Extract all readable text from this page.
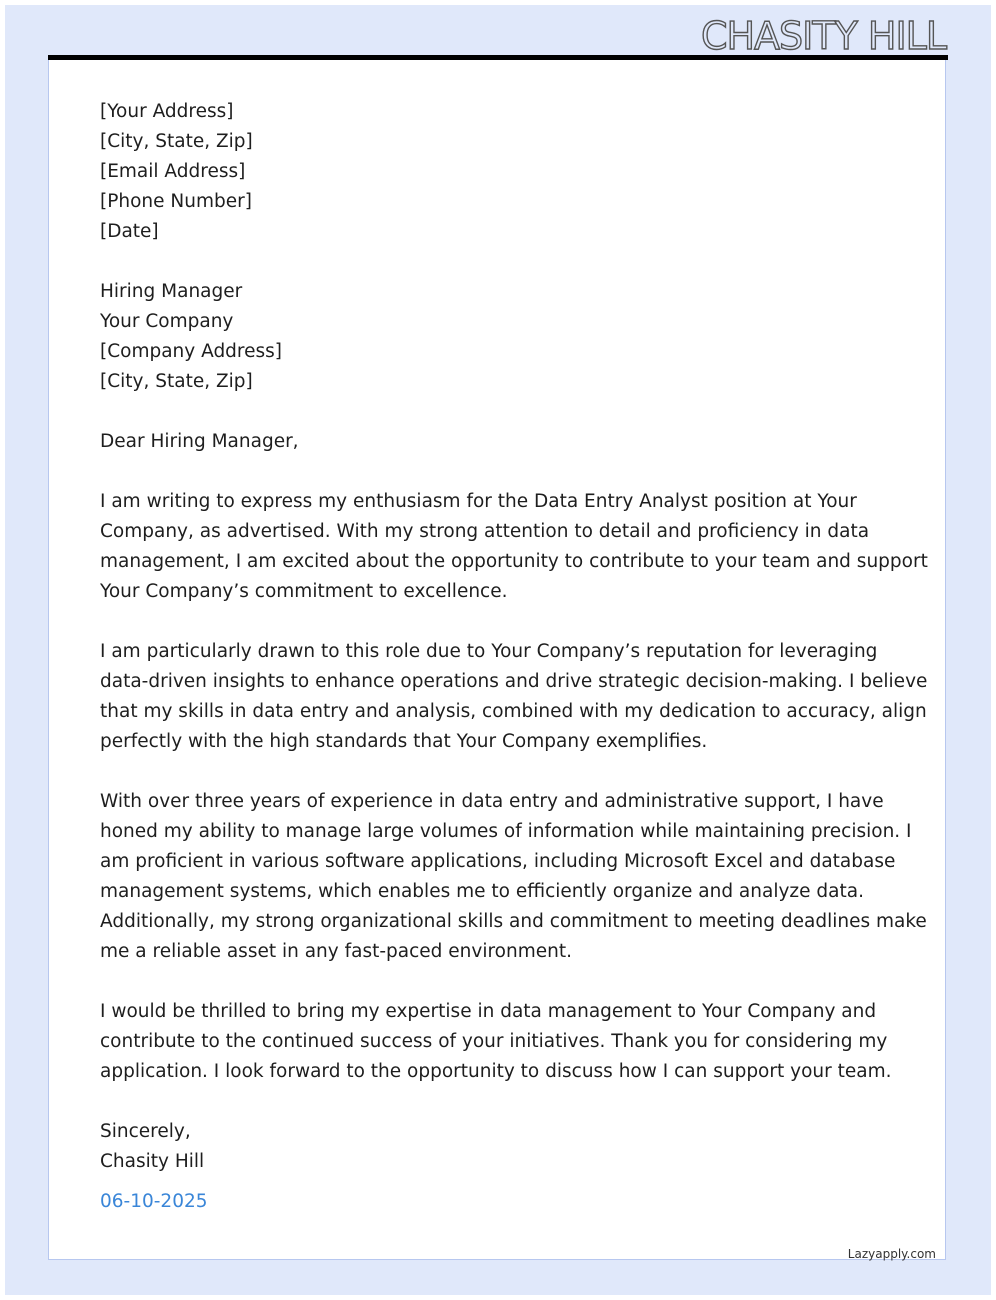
CHASITY HILL
[Your Address]
[City, State, Zip]
[Email Address]
[Phone Number]
[Date]
Hiring Manager
Your Company
[Company Address]
[City, State, Zip]
Dear Hiring Manager,
I am writing to express my enthusiasm for the Data Entry Analyst position at Your
Company, as advertised. With my strong attention to detail and proficiency in data
management, I am excited about the opportunity to contribute to your team and support
Your Company’s commitment to excellence.
I am particularly drawn to this role due to Your Company’s reputation for leveraging
data-driven insights to enhance operations and drive strategic decision-making. I believe
that my skills in data entry and analysis, combined with my dedication to accuracy, align
perfectly with the high standards that Your Company exemplifies.
With over three years of experience in data entry and administrative support, I have
honed my ability to manage large volumes of information while maintaining precision. I
am proficient in various software applications, including Microsoft Excel and database
management systems, which enables me to efficiently organize and analyze data.
Additionally, my strong organizational skills and commitment to meeting deadlines make
me a reliable asset in any fast-paced environment.
I would be thrilled to bring my expertise in data management to Your Company and
contribute to the continued success of your initiatives. Thank you for considering my
application. I look forward to the opportunity to discuss how I can support your team.
Sincerely,
Chasity Hill
06-10-2025
Lazyapply.com
